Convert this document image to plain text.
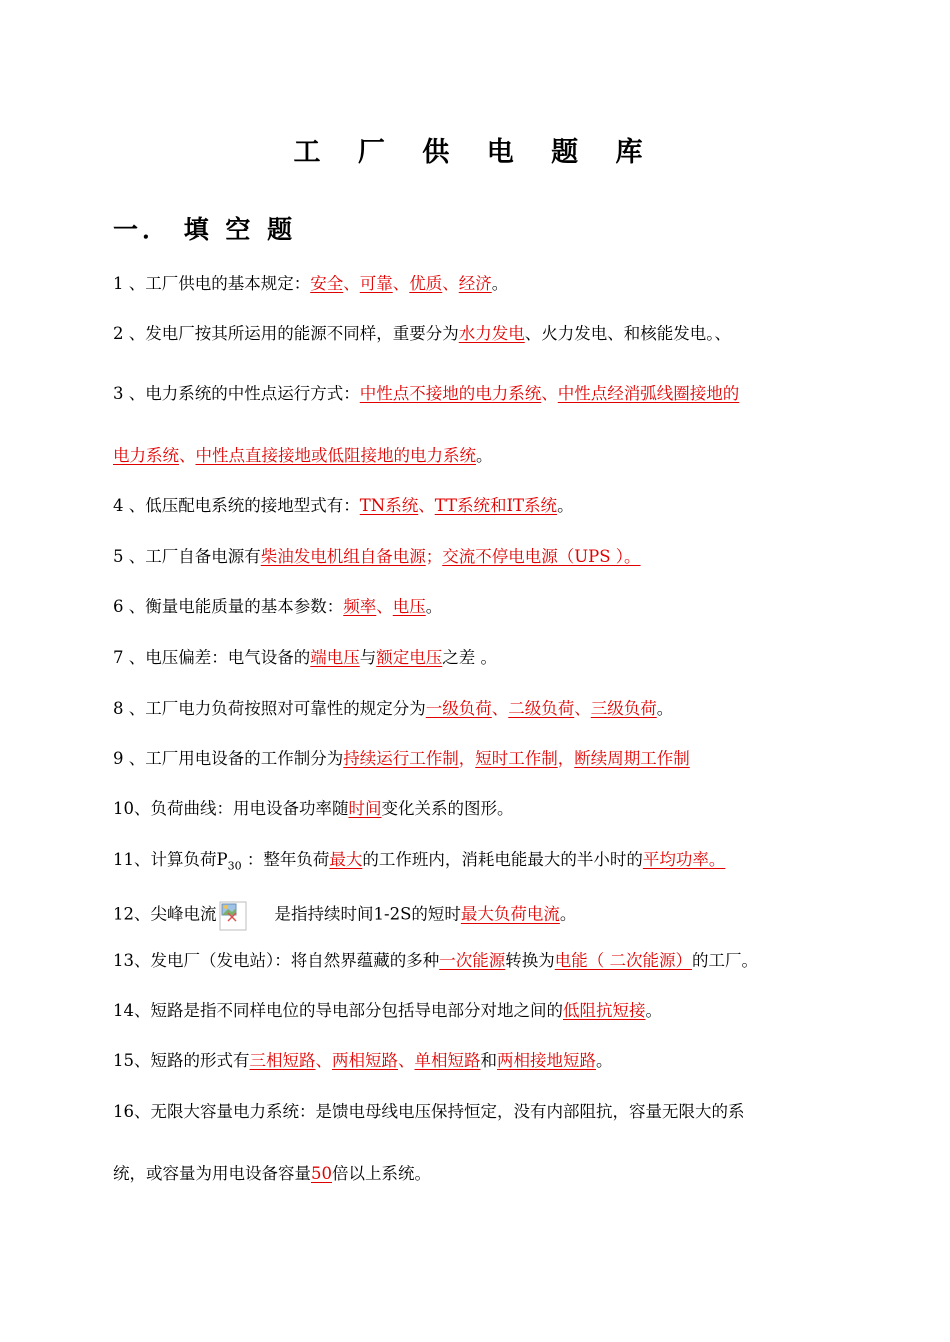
工 厂 供 电 题 库
一． 填 空 题
1 、工厂供电的基本规定：安全、可靠、优质、经济。
2 、发电厂按其所运用的能源不同样，重要分为水力发电、火力发电、和核能发电。、
3 、电力系统的中性点运行方式：中性点不接地的电力系统、中性点经消弧线圈接地的
电力系统、中性点直接接地或低阻接地的电力系统。
4 、低压配电系统的接地型式有：TN系统、TT系统和IT系统。
5 、工厂自备电源有柴油发电机组自备电源；交流不停电电源（UPS ）。
6 、衡量电能质量的基本参数：频率、电压。
7 、电压偏差：电气设备的端电压与额定电压之差 。
8 、工厂电力负荷按照对可靠性的规定分为一级负荷、二级负荷、三级负荷。
9 、工厂用电设备的工作制分为持续运行工作制，短时工作制，断续周期工作制
10、负荷曲线：用电设备功率随时间变化关系的图形。
11、计算负荷$P_{30}$ ：整年负荷最大的工作班内，消耗电能最大的半小时的平均功率。
12、尖峰电流	是指持续时间1-2S的短时最大负荷电流。
13、发电厂（发电站）：将自然界蕴藏的多种一次能源转换为电能（ 二次能源）的工厂。
14、短路是指不同样电位的导电部分包括导电部分对地之间的低阻抗短接。
15、短路的形式有三相短路、两相短路、单相短路和两相接地短路。
16、无限大容量电力系统：是馈电母线电压保持恒定，没有内部阻抗，容量无限大的系
统，或容量为用电设备容量50倍以上系统。
